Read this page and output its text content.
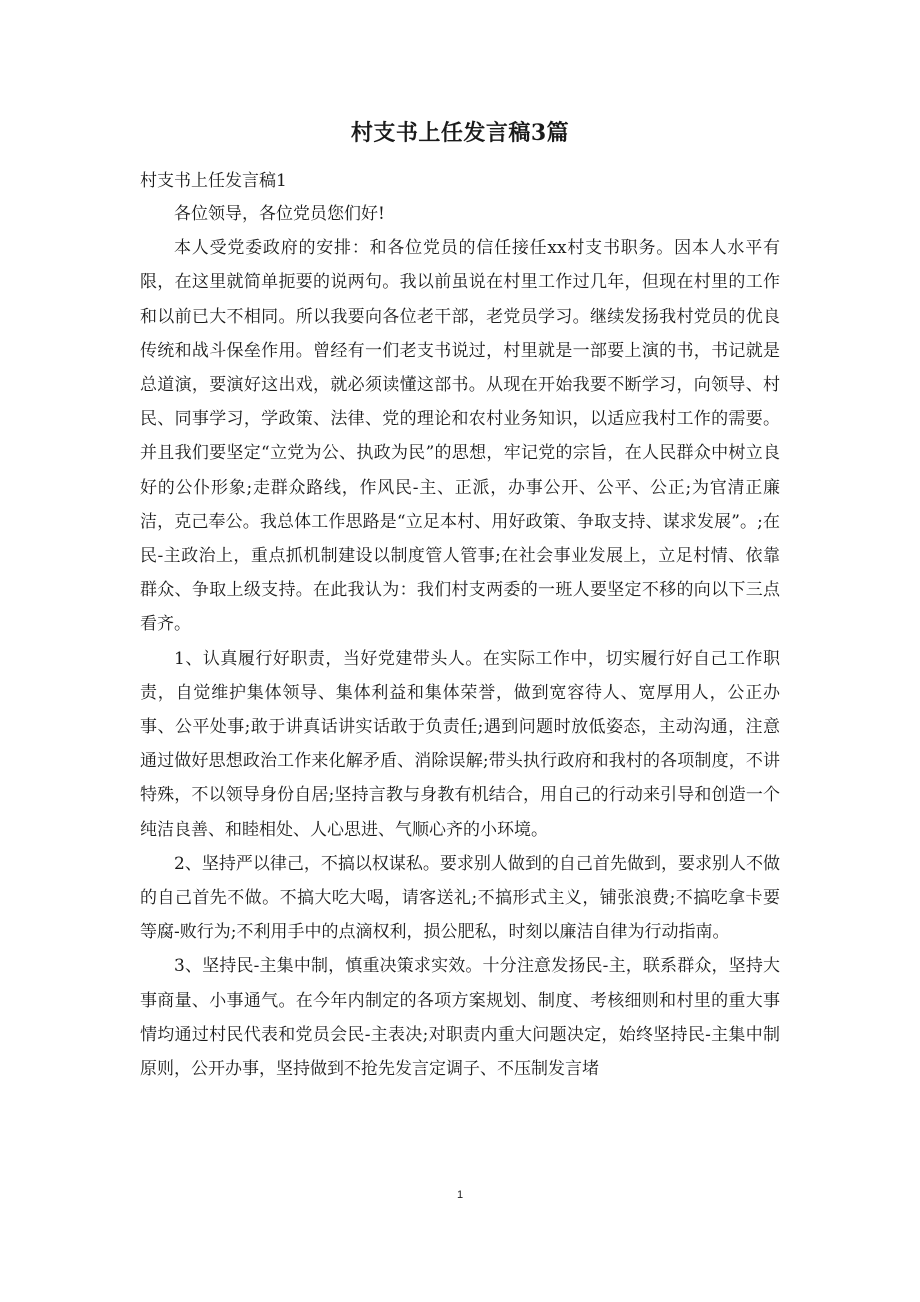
村支书上任发言稿3篇
村支书上任发言稿1

各位领导，各位党员您们好!

本人受党委政府的安排：和各位党员的信任接任xx村支书职务。因本人水平有限，在这里就简单扼要的说两句。我以前虽说在村里工作过几年，但现在村里的工作和以前已大不相同。所以我要向各位老干部，老党员学习。继续发扬我村党员的优良传统和战斗保垒作用。曾经有一们老支书说过，村里就是一部要上演的书，书记就是总道演，要演好这出戏，就必须读懂这部书。从现在开始我要不断学习，向领导、村民、同事学习，学政策、法律、党的理论和农村业务知识，以适应我村工作的需要。并且我们要坚定“立党为公、执政为民”的思想，牢记党的宗旨，在人民群众中树立良好的公仆形象;走群众路线，作风民-主、正派，办事公开、公平、公正;为官清正廉洁，克己奉公。我总体工作思路是“立足本村、用好政策、争取支持、谋求发展”。;在民-主政治上，重点抓机制建设以制度管人管事;在社会事业发展上，立足村情、依靠群众、争取上级支持。在此我认为：我们村支两委的一班人要坚定不移的向以下三点看齐。

1、认真履行好职责，当好党建带头人。在实际工作中，切实履行好自己工作职责，自觉维护集体领导、集体利益和集体荣誉，做到宽容待人、宽厚用人，公正办事、公平处事;敢于讲真话讲实话敢于负责任;遇到问题时放低姿态，主动沟通，注意通过做好思想政治工作来化解矛盾、消除误解;带头执行政府和我村的各项制度，不讲特殊，不以领导身份自居;坚持言教与身教有机结合，用自己的行动来引导和创造一个纯洁良善、和睦相处、人心思进、气顺心齐的小环境。

2、坚持严以律己，不搞以权谋私。要求别人做到的自己首先做到，要求别人不做的自己首先不做。不搞大吃大喝，请客送礼;不搞形式主义，铺张浪费;不搞吃拿卡要等腐-败行为;不利用手中的点滴权利，损公肥私，时刻以廉洁自律为行动指南。

3、坚持民-主集中制，慎重决策求实效。十分注意发扬民-主，联系群众，坚持大事商量、小事通气。在今年内制定的各项方案规划、制度、考核细则和村里的重大事情均通过村民代表和党员会民-主表决;对职责内重大问题决定，始终坚持民-主集中制原则，公开办事，坚持做到不抢先发言定调子、不压制发言堵

1
